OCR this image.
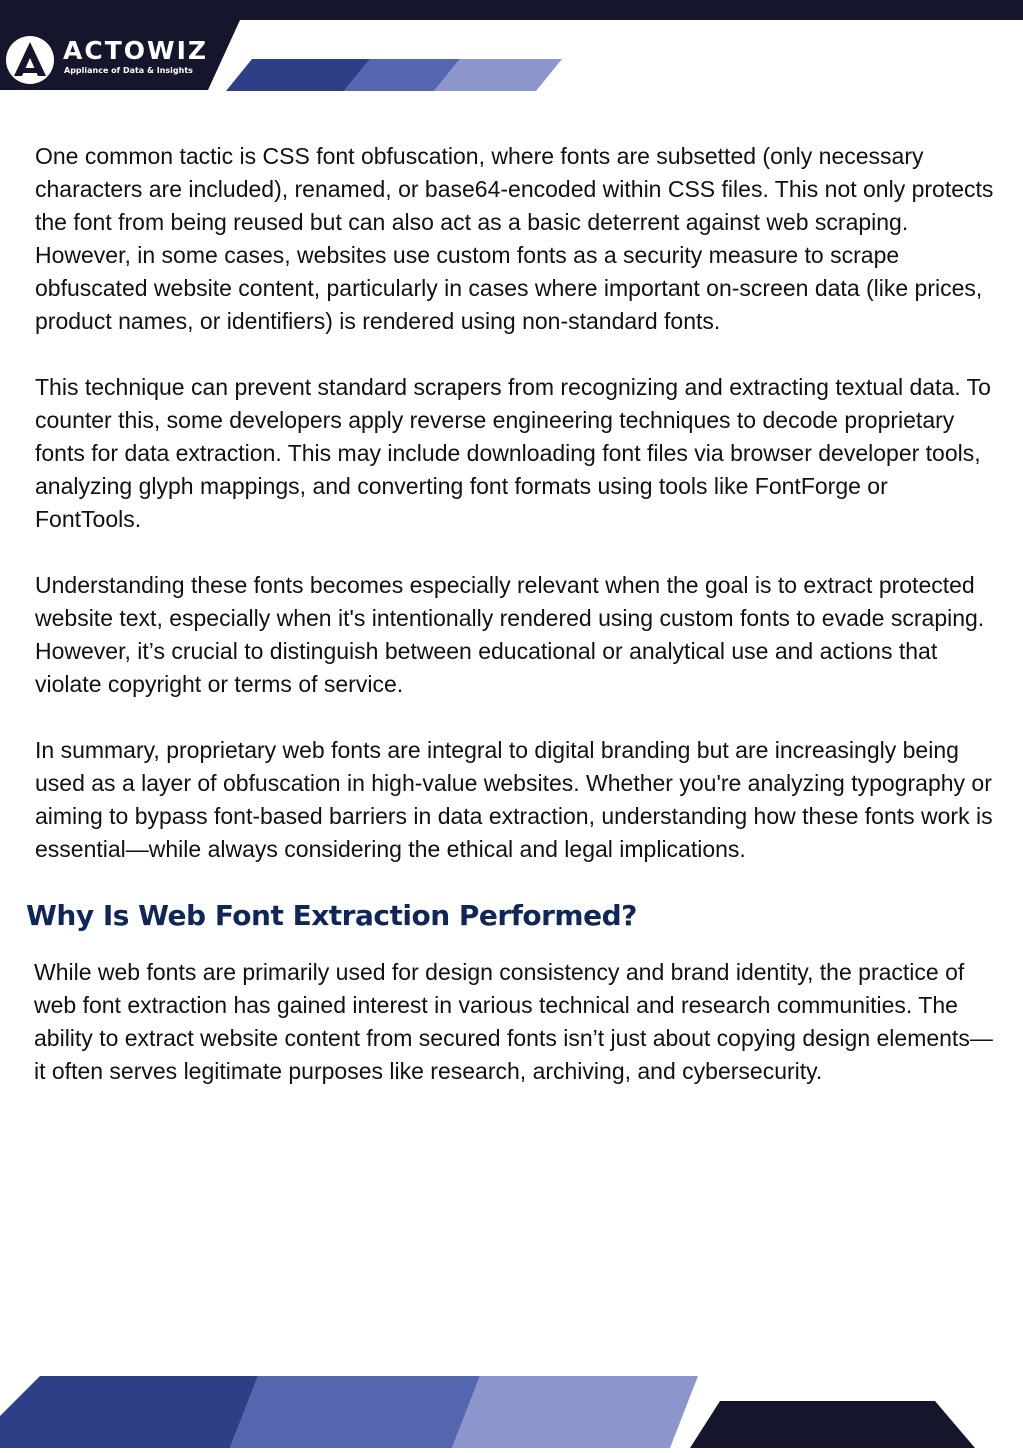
ACTOWIZ
Appliance of Data & Insights

One common tactic is CSS font obfuscation, where fonts are subsetted (only necessary characters are included), renamed, or base64-encoded within CSS files. This not only protects the font from being reused but can also act as a basic deterrent against web scraping. However, in some cases, websites use custom fonts as a security measure to scrape obfuscated website content, particularly in cases where important on-screen data (like prices, product names, or identifiers) is rendered using non-standard fonts.

This technique can prevent standard scrapers from recognizing and extracting textual data. To counter this, some developers apply reverse engineering techniques to decode proprietary fonts for data extraction. This may include downloading font files via browser developer tools, analyzing glyph mappings, and converting font formats using tools like FontForge or FontTools.

Understanding these fonts becomes especially relevant when the goal is to extract protected website text, especially when it's intentionally rendered using custom fonts to evade scraping. However, it’s crucial to distinguish between educational or analytical use and actions that violate copyright or terms of service.

In summary, proprietary web fonts are integral to digital branding but are increasingly being used as a layer of obfuscation in high-value websites. Whether you're analyzing typography or aiming to bypass font-based barriers in data extraction, understanding how these fonts work is essential—while always considering the ethical and legal implications.

Why Is Web Font Extraction Performed?

While web fonts are primarily used for design consistency and brand identity, the practice of web font extraction has gained interest in various technical and research communities. The ability to extract website content from secured fonts isn’t just about copying design elements—it often serves legitimate purposes like research, archiving, and cybersecurity.
